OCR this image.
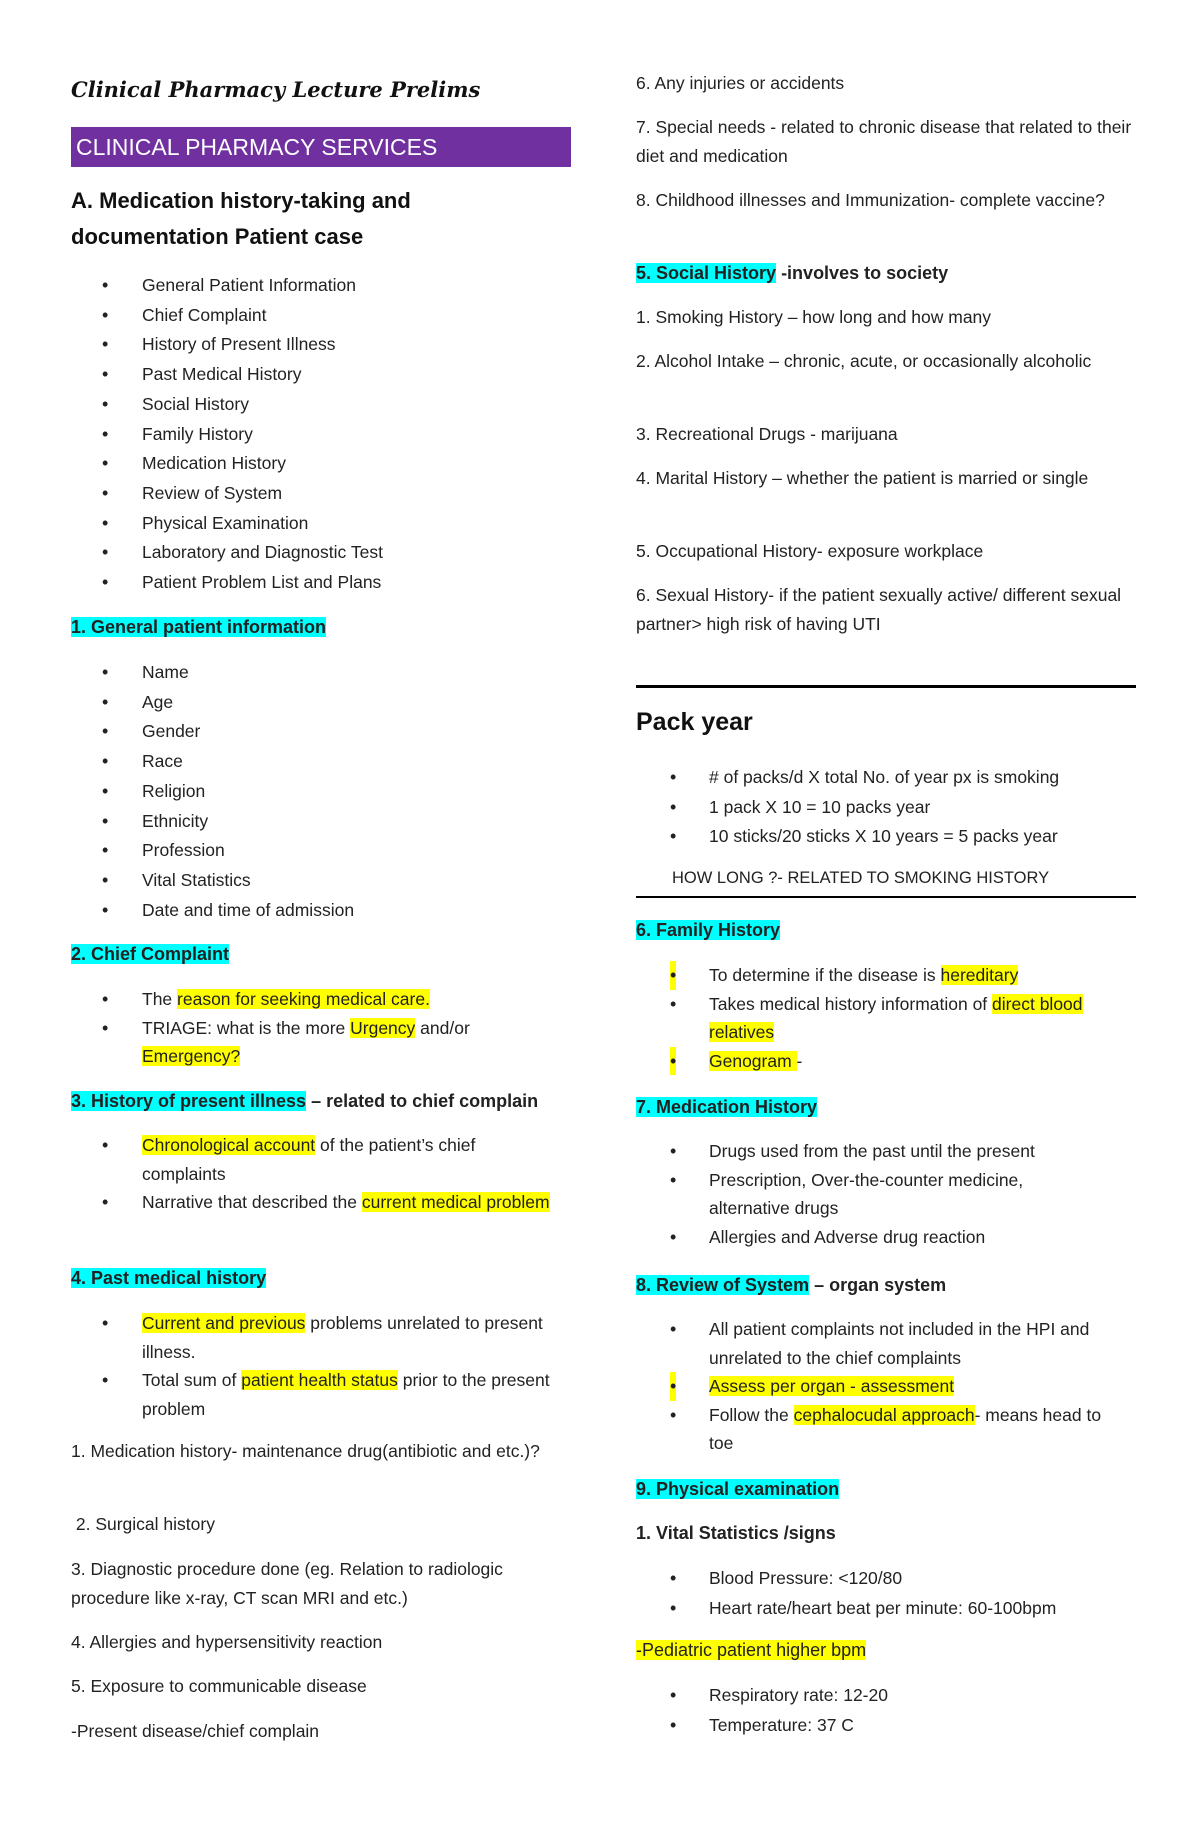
Clinical Pharmacy Lecture Prelims
CLINICAL PHARMACY SERVICES
A. Medication history-taking and documentation Patient case
• General Patient Information
• Chief Complaint
• History of Present Illness
• Past Medical History
• Social History
• Family History
• Medication History
• Review of System
• Physical Examination
• Laboratory and Diagnostic Test
• Patient Problem List and Plans
1. General patient information
• Name
• Age
• Gender
• Race
• Religion
• Ethnicity
• Profession
• Vital Statistics
• Date and time of admission
2. Chief Complaint
• The reason for seeking medical care.
• TRIAGE: what is the more Urgency and/or Emergency?
3. History of present illness – related to chief complain
• Chronological account of the patient’s chief complaints
• Narrative that described the current medical problem
4. Past medical history
• Current and previous problems unrelated to present illness.
• Total sum of patient health status prior to the present problem
1. Medication history- maintenance drug(antibiotic and etc.)?
2. Surgical history
3. Diagnostic procedure done (eg. Relation to radiologic procedure like x-ray, CT scan MRI and etc.)
4. Allergies and hypersensitivity reaction
5. Exposure to communicable disease
-Present disease/chief complain
6. Any injuries or accidents
7. Special needs - related to chronic disease that related to their diet and medication
8. Childhood illnesses and Immunization- complete vaccine?
5. Social History -involves to society
1. Smoking History – how long and how many
2. Alcohol Intake – chronic, acute, or occasionally alcoholic
3. Recreational Drugs - marijuana
4. Marital History – whether the patient is married or single
5. Occupational History- exposure workplace
6. Sexual History- if the patient sexually active/ different sexual partner> high risk of having UTI
Pack year
• # of packs/d X total No. of year px is smoking
• 1 pack X 10 = 10 packs year
• 10 sticks/20 sticks X 10 years = 5 packs year
HOW LONG ?- RELATED TO SMOKING HISTORY
6. Family History
• To determine if the disease is hereditary
• Takes medical history information of direct blood relatives
• Genogram -
7. Medication History
• Drugs used from the past until the present
• Prescription, Over-the-counter medicine, alternative drugs
• Allergies and Adverse drug reaction
8. Review of System – organ system
• All patient complaints not included in the HPI and unrelated to the chief complaints
• Assess per organ - assessment
• Follow the cephalocudal approach- means head to toe
9. Physical examination
1. Vital Statistics /signs
• Blood Pressure: <120/80
• Heart rate/heart beat per minute: 60-100bpm
-Pediatric patient higher bpm
• Respiratory rate: 12-20
• Temperature: 37 C
